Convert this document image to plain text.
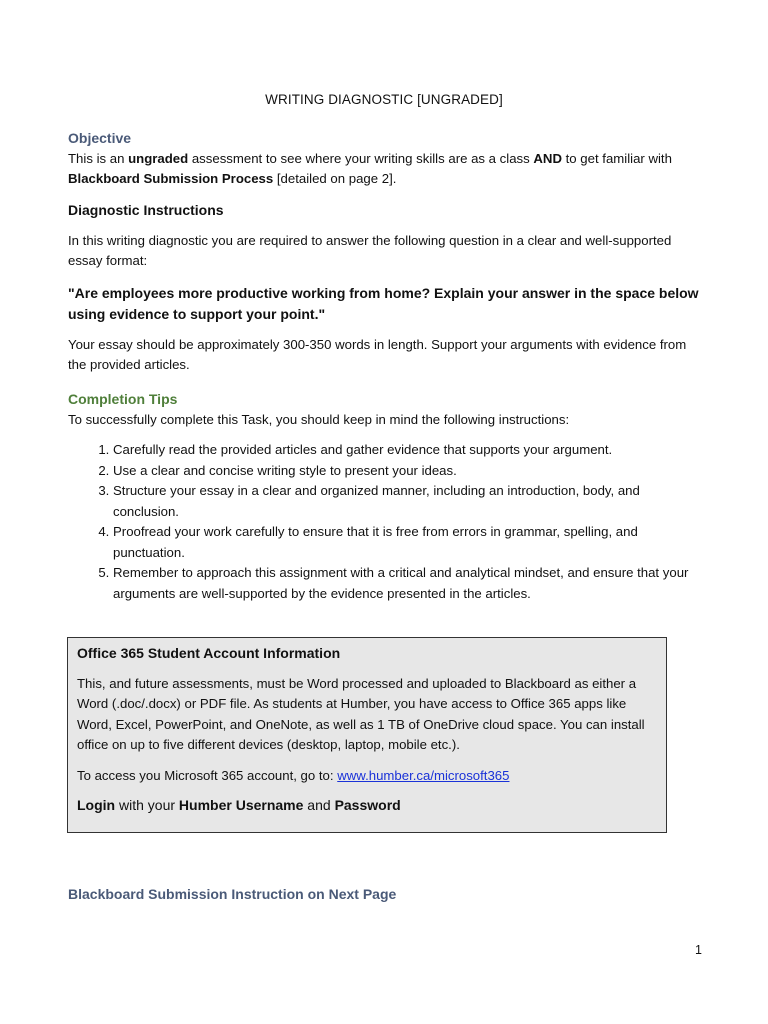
WRITING DIAGNOSTIC [UNGRADED]
Objective
This is an ungraded assessment to see where your writing skills are as a class AND to get familiar with Blackboard Submission Process [detailed on page 2].
Diagnostic Instructions
In this writing diagnostic you are required to answer the following question in a clear and well-supported essay format:
"Are employees more productive working from home? Explain your answer in the space below using evidence to support your point."
Your essay should be approximately 300-350 words in length. Support your arguments with evidence from the provided articles.
Completion Tips
To successfully complete this Task, you should keep in mind the following instructions:
1. Carefully read the provided articles and gather evidence that supports your argument.
2. Use a clear and concise writing style to present your ideas.
3. Structure your essay in a clear and organized manner, including an introduction, body, and conclusion.
4. Proofread your work carefully to ensure that it is free from errors in grammar, spelling, and punctuation.
5. Remember to approach this assignment with a critical and analytical mindset, and ensure that your arguments are well-supported by the evidence presented in the articles.
Office 365 Student Account Information
This, and future assessments, must be Word processed and uploaded to Blackboard as either a Word (.doc/.docx) or PDF file. As students at Humber, you have access to Office 365 apps like Word, Excel, PowerPoint, and OneNote, as well as 1 TB of OneDrive cloud space. You can install office on up to five different devices (desktop, laptop, mobile etc.).
To access you Microsoft 365 account, go to: www.humber.ca/microsoft365
Login with your Humber Username and Password
Blackboard Submission Instruction on Next Page
1
